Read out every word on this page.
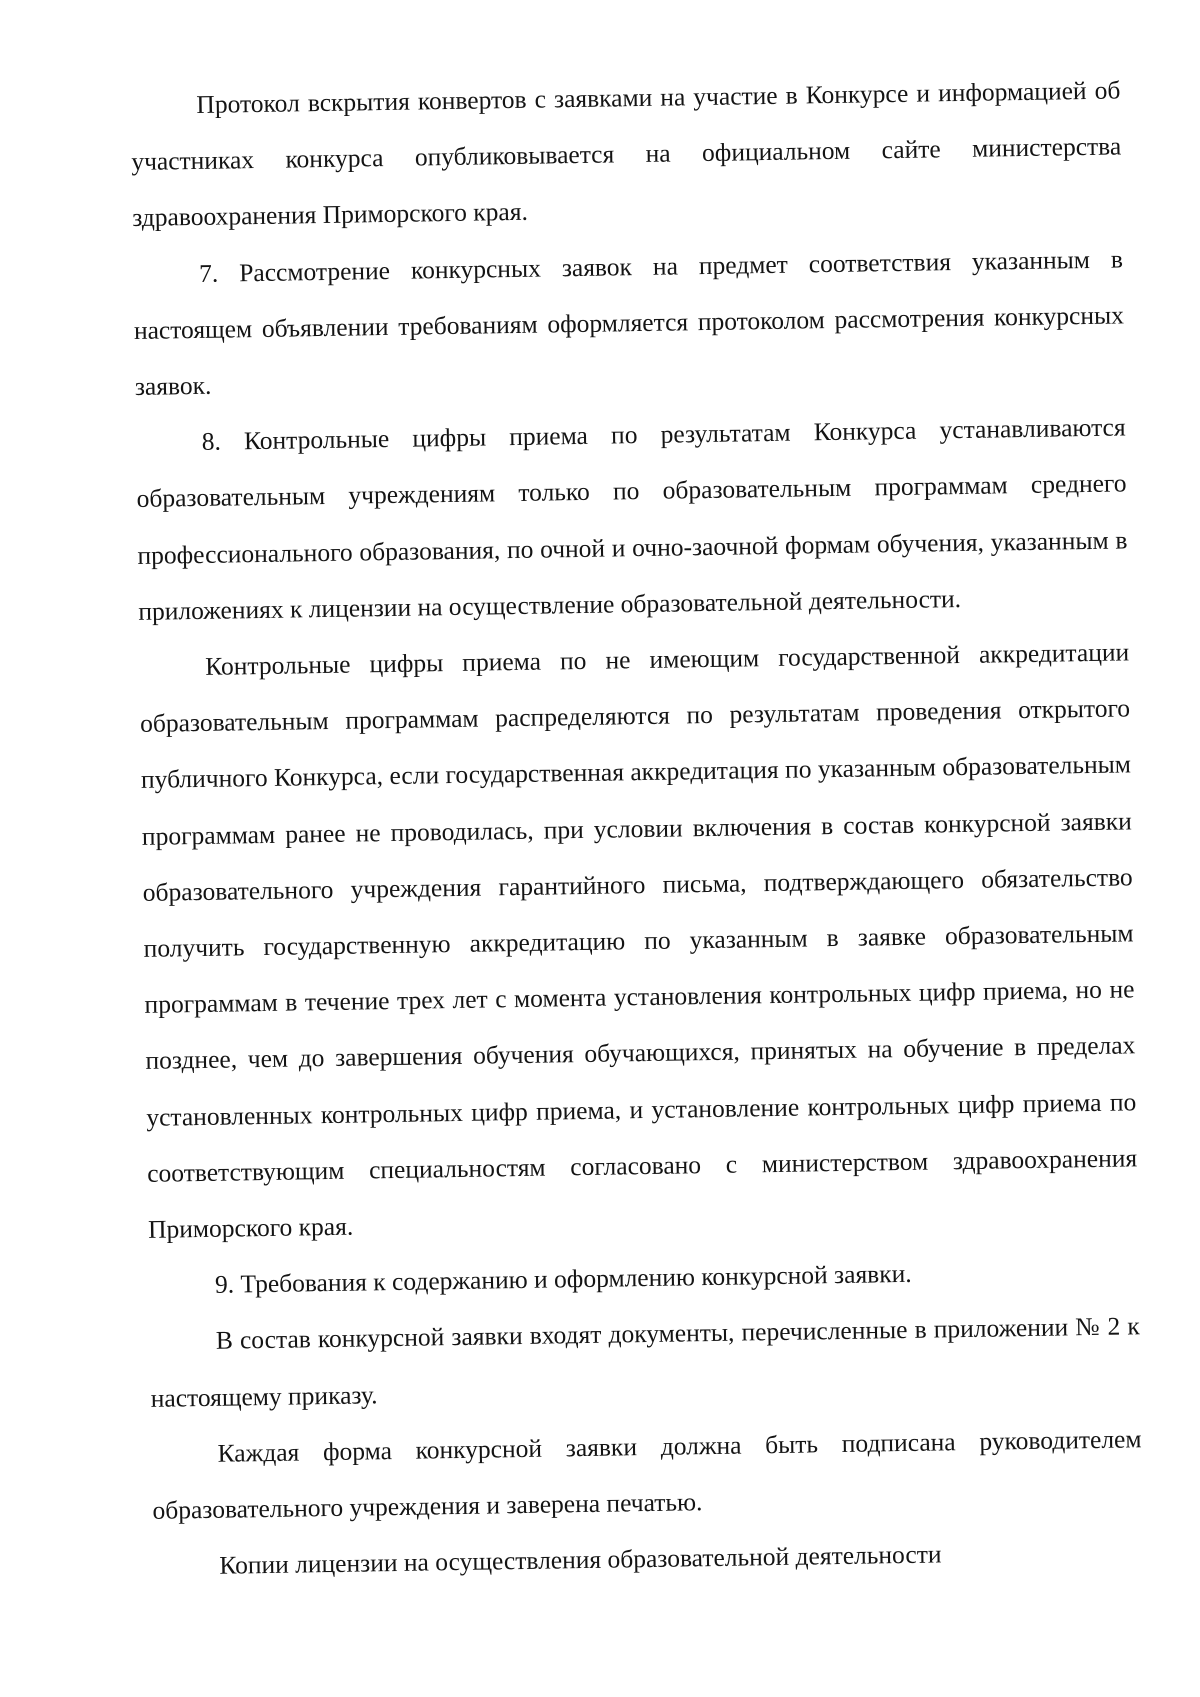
Протокол вскрытия конвертов с заявками на участие в Конкурсе и информацией об участниках конкурса опубликовывается на официальном сайте министерства здравоохранения Приморского края.

7. Рассмотрение конкурсных заявок на предмет соответствия указанным в настоящем объявлении требованиям оформляется протоколом рассмотрения конкурсных заявок.

8. Контрольные цифры приема по результатам Конкурса устанавливаются образовательным учреждениям только по образовательным программам среднего профессионального образования, по очной и очно-заочной формам обучения, указанным в приложениях к лицензии на осуществление образовательной деятельности.

Контрольные цифры приема по не имеющим государственной аккредитации образовательным программам распределяются по результатам проведения открытого публичного Конкурса, если государственная аккредитация по указанным образовательным программам ранее не проводилась, при условии включения в состав конкурсной заявки образовательного учреждения гарантийного письма, подтверждающего обязательство получить государственную аккредитацию по указанным в заявке образовательным программам в течение трех лет с момента установления контрольных цифр приема, но не позднее, чем до завершения обучения обучающихся, принятых на обучение в пределах установленных контрольных цифр приема, и установление контрольных цифр приема по соответствующим специальностям согласовано с министерством здравоохранения Приморского края.

9. Требования к содержанию и оформлению конкурсной заявки.

В состав конкурсной заявки входят документы, перечисленные в приложении № 2 к настоящему приказу.

Каждая форма конкурсной заявки должна быть подписана руководителем образовательного учреждения и заверена печатью.

Копии лицензии на осуществления образовательной деятельности
